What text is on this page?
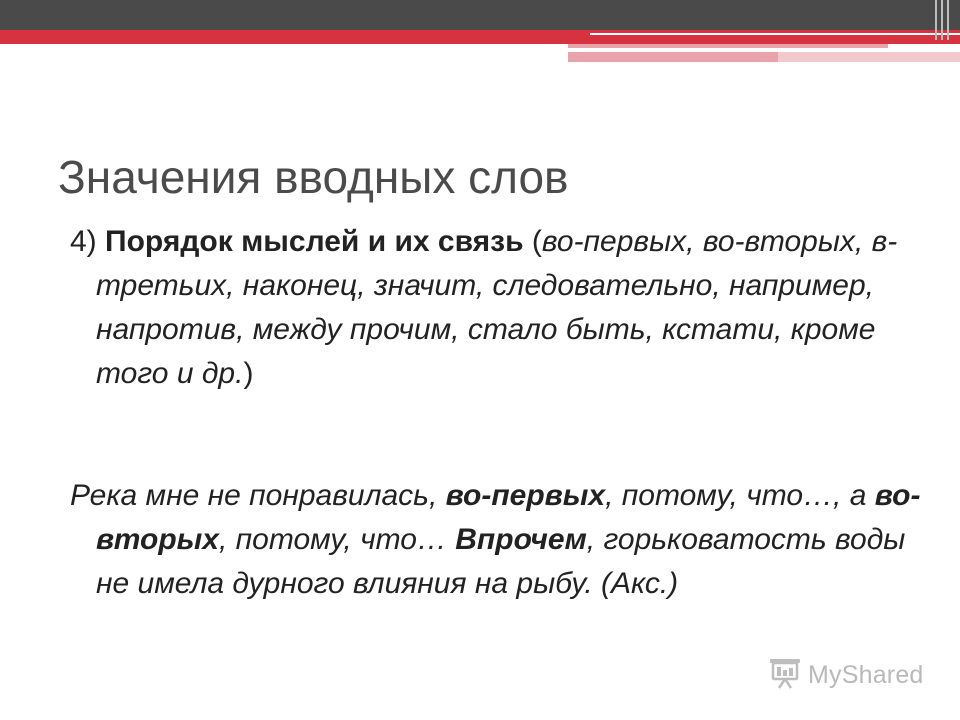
Значения вводных слов

4) Порядок мыслей и их связь (во-первых, во-вторых, в-третьих, наконец, значит, следовательно, например, напротив, между прочим, стало быть, кстати, кроме того и др.)

Река мне не понравилась, во-первых, потому, что…, а во-вторых, потому, что… Впрочем, горьковатость воды не имела дурного влияния на рыбу. (Акс.)

MyShared
